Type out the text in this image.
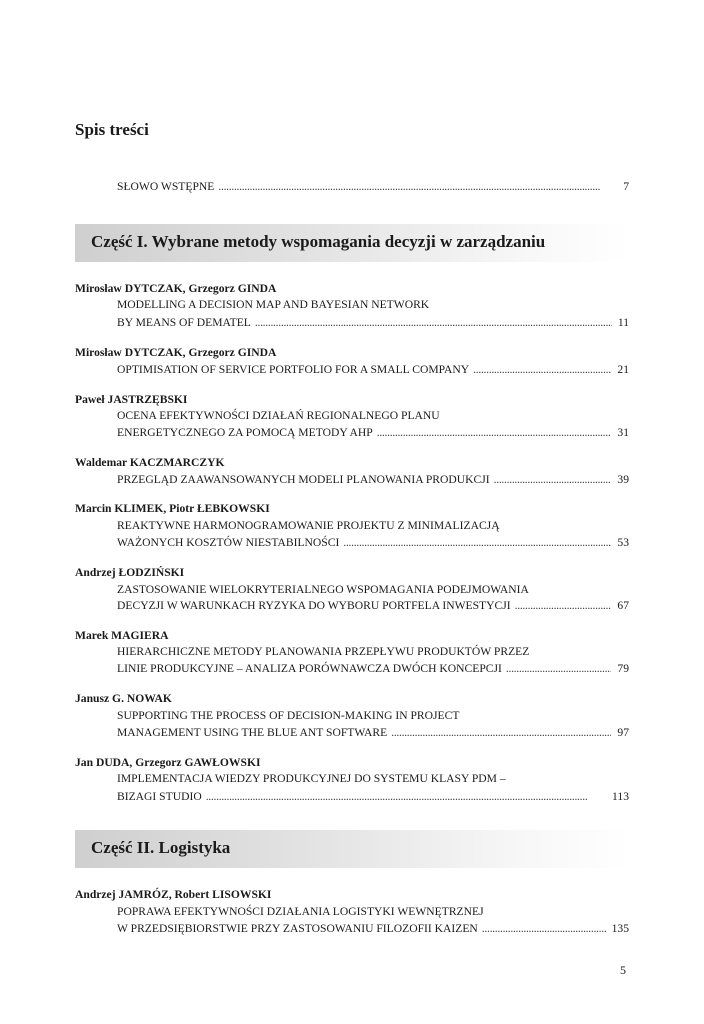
Spis treści
SŁOWO WSTĘPNE . . .	7
Część I. Wybrane metody wspomagania decyzji w zarządzaniu
Mirosław DYTCZAK, Grzegorz GINDA
MODELLING A DECISION MAP AND BAYESIAN NETWORK
BY MEANS OF DEMATEL . . .	11
Mirosław DYTCZAK, Grzegorz GINDA
OPTIMISATION OF SERVICE PORTFOLIO FOR A SMALL COMPANY . . .	21
Paweł JASTRZĘBSKI
OCENA EFEKTYWNOŚCI DZIAŁAŃ REGIONALNEGO PLANU
ENERGETYCZNEGO ZA POMOCĄ METODY AHP . . .	31
Waldemar KACZMARCZYK
PRZEGLĄD ZAAWANSOWANYCH MODELI PLANOWANIA PRODUKCJI . . .	39
Marcin KLIMEK, Piotr ŁEBKOWSKI
REAKTYWNE HARMONOGRAMOWANIE PROJEKTU Z MINIMALIZACJĄ
WAŻONYCH KOSZTÓW NIESTABILNOŚCI . . .	53
Andrzej ŁODZIŃSKI
ZASTOSOWANIE WIELOKRYTERIALNEGO WSPOMAGANIA PODEJMOWANIA
DECYZJI W WARUNKACH RYZYKA DO WYBORU PORTFELA INWESTYCJI . . .	67
Marek MAGIERA
HIERARCHICZNE METODY PLANOWANIA PRZEPŁYWU PRODUKTÓW PRZEZ
LINIE PRODUKCYJNE – ANALIZA PORÓWNAWCZA DWÓCH KONCEPCJI . . .	79
Janusz G. NOWAK
SUPPORTING THE PROCESS OF DECISION-MAKING IN PROJECT
MANAGEMENT USING THE BLUE ANT SOFTWARE . . .	97
Jan DUDA, Grzegorz GAWŁOWSKI
IMPLEMENTACJA WIEDZY PRODUKCYJNEJ DO SYSTEMU KLASY PDM –
BIZAGI STUDIO . . .	113
Część II. Logistyka
Andrzej JAMRÓZ, Robert LISOWSKI
POPRAWA EFEKTYWNOŚCI DZIAŁANIA LOGISTYKI WEWNĘTRZNEJ
W PRZEDSIĘBIORSTWIE PRZY ZASTOSOWANIU FILOZOFII KAIZEN . . .	135
5
